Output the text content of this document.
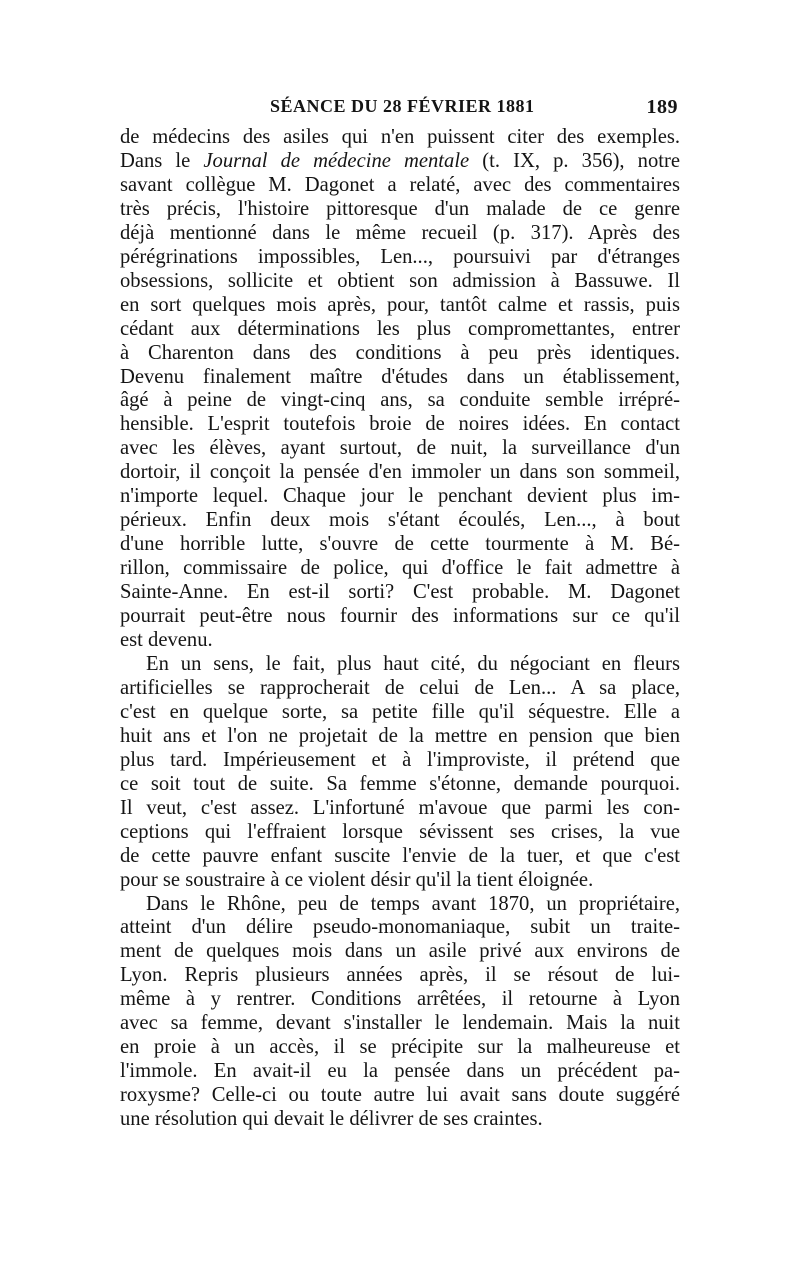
SÉANCE DU 28 FÉVRIER 1881	189
de médecins des asiles qui n'en puissent citer des exemples.
Dans le Journal de médecine mentale (t. IX, p. 356), notre
savant collègue M. Dagonet a relaté, avec des commentaires
très précis, l'histoire pittoresque d'un malade de ce genre
déjà mentionné dans le même recueil (p. 317). Après des
pérégrinations impossibles, Len..., poursuivi par d'étranges
obsessions, sollicite et obtient son admission à Bassuwe. Il
en sort quelques mois après, pour, tantôt calme et rassis, puis
cédant aux déterminations les plus compromettantes, entrer
à Charenton dans des conditions à peu près identiques.
Devenu finalement maître d'études dans un établissement,
âgé à peine de vingt-cinq ans, sa conduite semble irrépré-
hensible. L'esprit toutefois broie de noires idées. En contact
avec les élèves, ayant surtout, de nuit, la surveillance d'un
dortoir, il conçoit la pensée d'en immoler un dans son sommeil,
n'importe lequel. Chaque jour le penchant devient plus im-
périeux. Enfin deux mois s'étant écoulés, Len..., à bout
d'une horrible lutte, s'ouvre de cette tourmente à M. Bé-
rillon, commissaire de police, qui d'office le fait admettre à
Sainte-Anne. En est-il sorti? C'est probable. M. Dagonet
pourrait peut-être nous fournir des informations sur ce qu'il
est devenu.
En un sens, le fait, plus haut cité, du négociant en fleurs
artificielles se rapprocherait de celui de Len... A sa place,
c'est en quelque sorte, sa petite fille qu'il séquestre. Elle a
huit ans et l'on ne projetait de la mettre en pension que bien
plus tard. Impérieusement et à l'improviste, il prétend que
ce soit tout de suite. Sa femme s'étonne, demande pourquoi.
Il veut, c'est assez. L'infortuné m'avoue que parmi les con-
ceptions qui l'effraient lorsque sévissent ses crises, la vue
de cette pauvre enfant suscite l'envie de la tuer, et que c'est
pour se soustraire à ce violent désir qu'il la tient éloignée.
Dans le Rhône, peu de temps avant 1870, un propriétaire,
atteint d'un délire pseudo-monomaniaque, subit un traite-
ment de quelques mois dans un asile privé aux environs de
Lyon. Repris plusieurs années après, il se résout de lui-
même à y rentrer. Conditions arrêtées, il retourne à Lyon
avec sa femme, devant s'installer le lendemain. Mais la nuit
en proie à un accès, il se précipite sur la malheureuse et
l'immole. En avait-il eu la pensée dans un précédent pa-
roxysme? Celle-ci ou toute autre lui avait sans doute suggéré
une résolution qui devait le délivrer de ses craintes.
